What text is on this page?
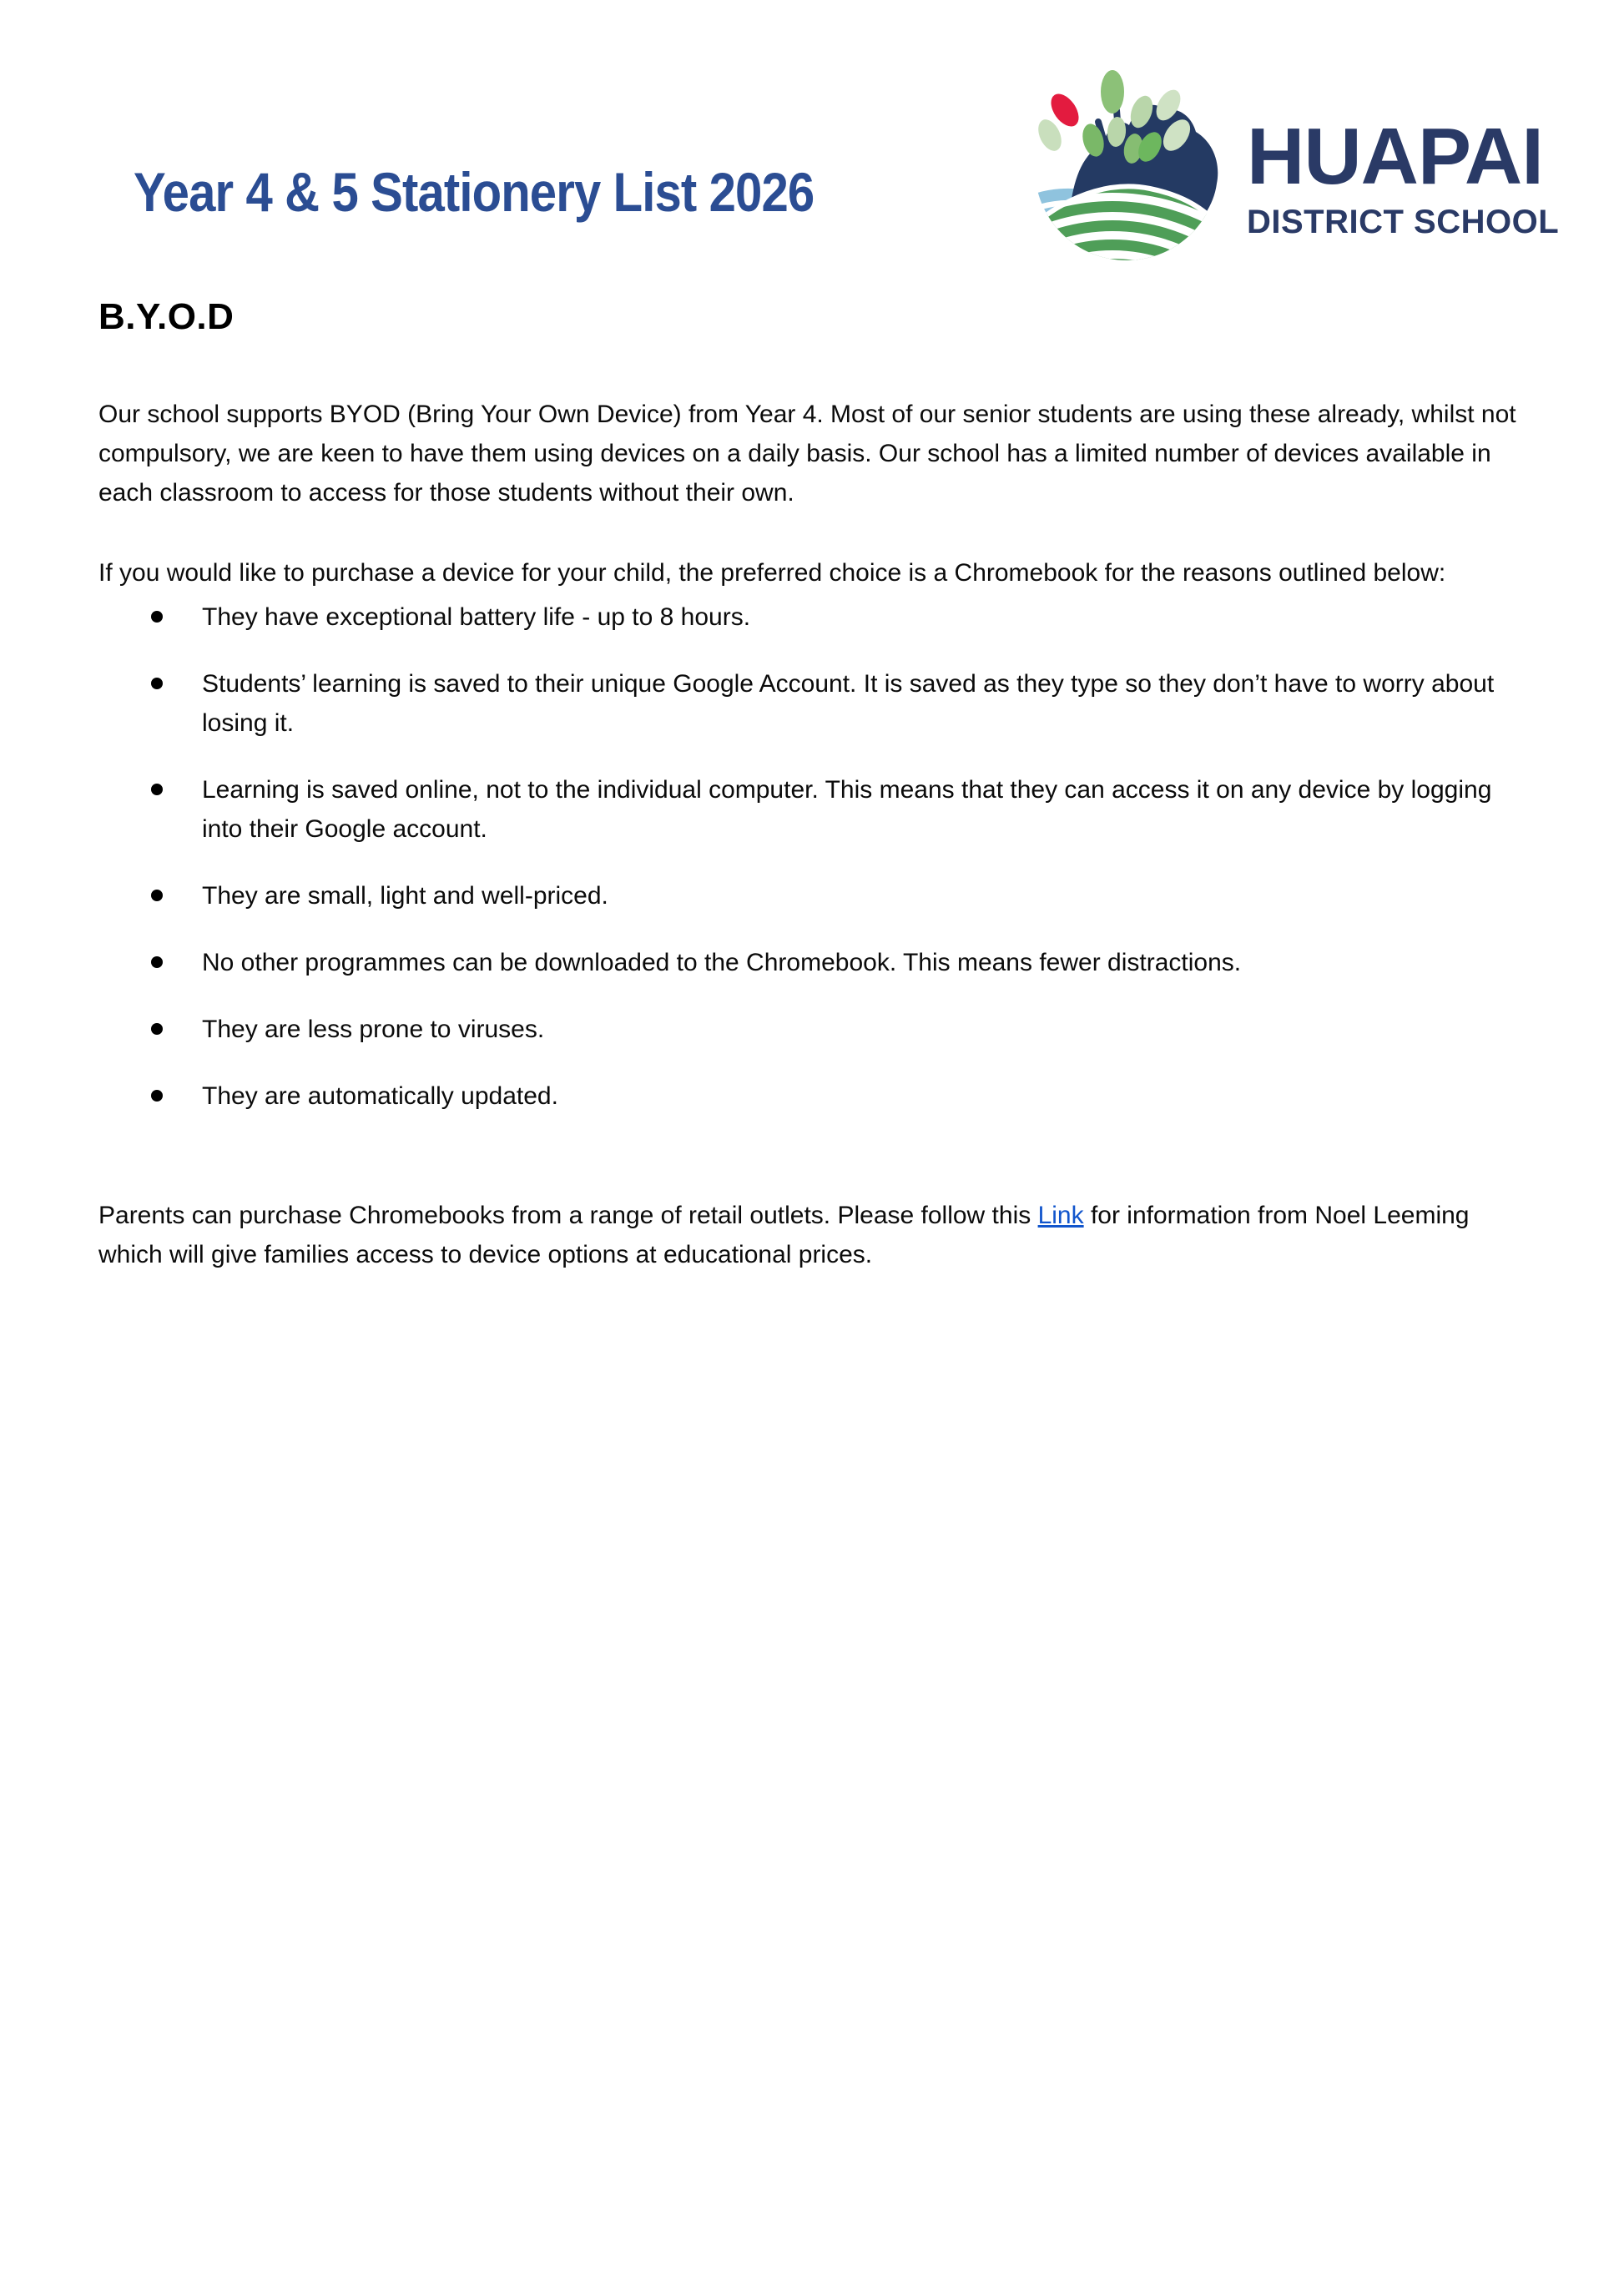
Year 4 & 5 Stationery List 2026	HUAPAI
DISTRICT SCHOOL
B.Y.O.D

Our school supports BYOD (Bring Your Own Device) from Year 4. Most of our senior students are using these already, whilst not compulsory, we are keen to have them using devices on a daily basis. Our school has a limited number of devices available in each classroom to access for those students without their own.

If you would like to purchase a device for your child, the preferred choice is a Chromebook for the reasons outlined below:

They have exceptional battery life - up to 8 hours.
Students’ learning is saved to their unique Google Account. It is saved as they type so they don’t have to worry about losing it.
Learning is saved online, not to the individual computer. This means that they can access it on any device by logging into their Google account.
They are small, light and well-priced.
No other programmes can be downloaded to the Chromebook. This means fewer distractions.
They are less prone to viruses.
They are automatically updated.

Parents can purchase Chromebooks from a range of retail outlets. Please follow this Link for information from Noel Leeming which will give families access to device options at educational prices.
